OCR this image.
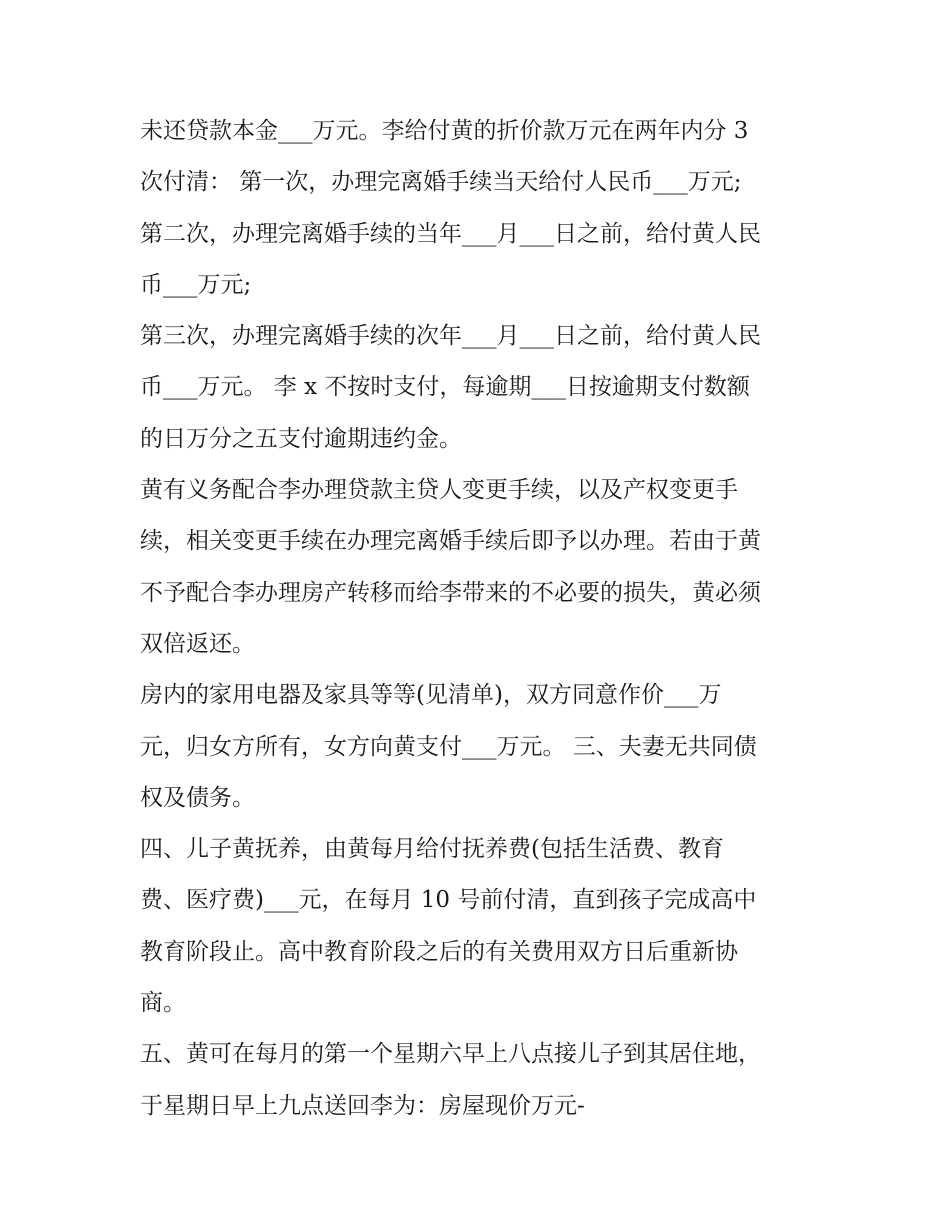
未还贷款本金___万元。李给付黄的折价款万元在两年内分 3
次付清： 第一次，办理完离婚手续当天给付人民币___万元;
第二次，办理完离婚手续的当年___月___日之前，给付黄人民
币___万元;
第三次，办理完离婚手续的次年___月___日之前，给付黄人民
币___万元。 李 x 不按时支付，每逾期___日按逾期支付数额
的日万分之五支付逾期违约金。
黄有义务配合李办理贷款主贷人变更手续，以及产权变更手
续，相关变更手续在办理完离婚手续后即予以办理。若由于黄
不予配合李办理房产转移而给李带来的不必要的损失，黄必须
双倍返还。
房内的家用电器及家具等等(见清单)，双方同意作价___万
元，归女方所有，女方向黄支付___万元。 三、夫妻无共同债
权及债务。
四、儿子黄抚养，由黄每月给付抚养费(包括生活费、教育
费、医疗费)___元，在每月 10 号前付清，直到孩子完成高中
教育阶段止。高中教育阶段之后的有关费用双方日后重新协
商。
五、黄可在每月的第一个星期六早上八点接儿子到其居住地，
于星期日早上九点送回李为：房屋现价万元-
